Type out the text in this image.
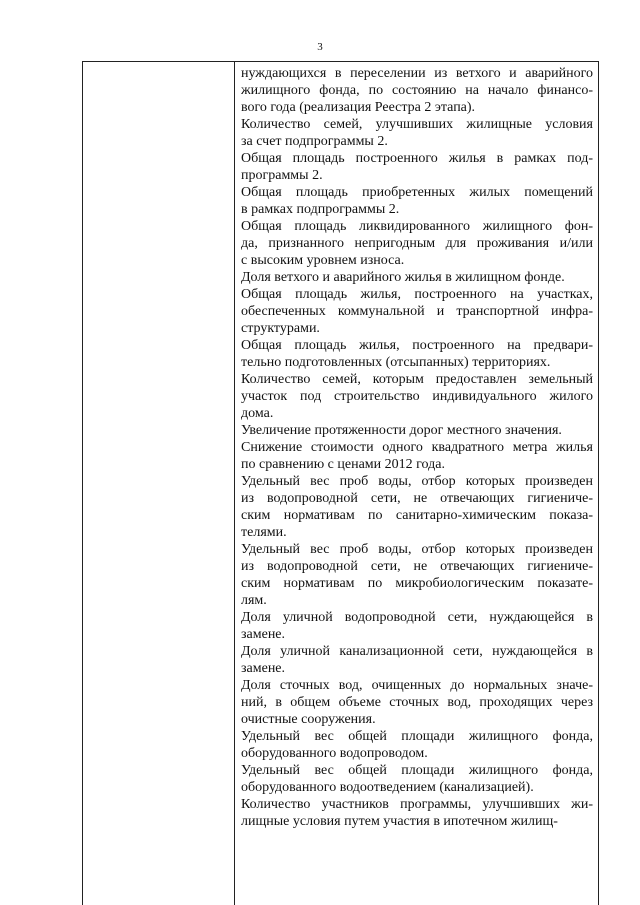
3

нуждающихся в переселении из ветхого и аварийного
жилищного фонда, по состоянию на начало финансо-
вого года (реализация Реестра 2 этапа).

Количество семей, улучшивших жилищные условия
за счет подпрограммы 2.

Общая площадь построенного жилья в рамках под-
программы 2.

Общая площадь приобретенных жилых помещений
в рамках подпрограммы 2.

Общая площадь ликвидированного жилищного фон-
да, признанного непригодным для проживания и/или
с высоким уровнем износа.

Доля ветхого и аварийного жилья в жилищном фонде.

Общая площадь жилья, построенного на участках,
обеспеченных коммунальной и транспортной инфра-
структурами.

Общая площадь жилья, построенного на предвари-
тельно подготовленных (отсыпанных) территориях.

Количество семей, которым предоставлен земельный
участок под строительство индивидуального жилого
дома.

Увеличение протяженности дорог местного значения.

Снижение стоимости одного квадратного метра жилья
по сравнению с ценами 2012 года.

Удельный вес проб воды, отбор которых произведен
из водопроводной сети, не отвечающих гигиениче-
ским нормативам по санитарно-химическим показа-
телями.

Удельный вес проб воды, отбор которых произведен
из водопроводной сети, не отвечающих гигиениче-
ским нормативам по микробиологическим показате-
лям.

Доля уличной водопроводной сети, нуждающейся в
замене.

Доля уличной канализационной сети, нуждающейся в
замене.

Доля сточных вод, очищенных до нормальных значе-
ний, в общем объеме сточных вод, проходящих через
очистные сооружения.

Удельный вес общей площади жилищного фонда,
оборудованного водопроводом.

Удельный вес общей площади жилищного фонда,
оборудованного водоотведением (канализацией).

Количество участников программы, улучшивших жи-
лищные условия путем участия в ипотечном жилищ-
